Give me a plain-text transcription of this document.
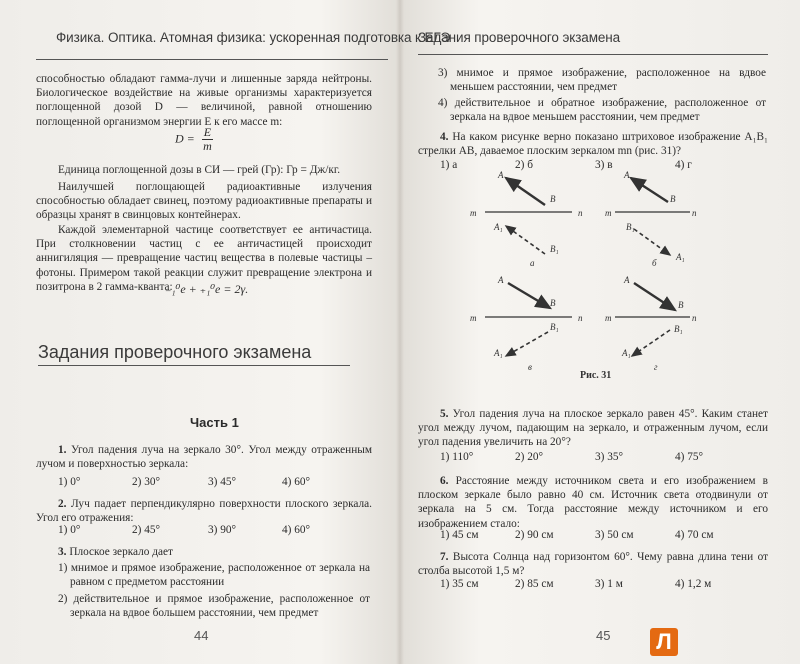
Физика. Оптика. Атомная физика: ускоренная подготовка к ЕГЭ
способностью обладают гамма-лучи и лишенные заряда нейтроны. Биологическое воздействие на живые организмы характеризуется поглощенной дозой D — величиной, равной отношению поглощенной организмом энергии E к его массе m:
$D = \frac{E}{m}$
Единица поглощенной дозы в СИ — грей (Гр): Гр = Дж/кг.
Наилучшей поглощающей радиоактивные излучения способностью обладает свинец, поэтому радиоактивные препараты и образцы хранят в свинцовых контейнерах.
Каждой элементарной частице соответствует ее античастица. При столкновении частиц с ее античастицей происходит аннигиляция — превращение частиц вещества в полевые частицы – фотоны. Примером такой реакции служит превращение электрона и позитрона в 2 гамма-кванта:
₋₁⁰e + ₊₁⁰e = 2γ.
Задания проверочного экзамена
Часть 1
1. Угол падения луча на зеркало 30°. Угол между отраженным лучом и поверхностью зеркала:
1) 0°	2) 30°	3) 45°	4) 60°
2. Луч падает перпендикулярно поверхности плоского зеркала. Угол его отражения:
1) 0°	2) 45°	3) 90°	4) 60°
3. Плоское зеркало дает
1) мнимое и прямое изображение, расположенное от зеркала на равном с предметом расстоянии
2) действительное и прямое изображение, расположенное от зеркала на вдвое большем расстоянии, чем предмет
44
Задания проверочного экзамена
3) мнимое и прямое изображение, расположенное на вдвое меньшем расстоянии, чем предмет
4) действительное и обратное изображение, расположенное от зеркала на вдвое меньшем расстоянии, чем предмет
4. На каком рисунке верно показано штриховое изображение A₁B₁ стрелки AB, даваемое плоским зеркалом mn (рис. 31)?
1) а	2) б	3) в	4) г
45
5. Угол падения луча на плоское зеркало равен 45°. Каким станет угол между лучом, падающим на зеркало, и отраженным лучом, если угол падения увеличить на 20°?
1) 110°	2) 20°	3) 35°	4) 75°
6. Расстояние между источником света и его изображением в плоском зеркале было равно 40 см. Источник света отодвинули от зеркала на 5 см. Тогда расстояние между источником и его изображением стало:
1) 45 см	2) 90 см	3) 50 см	4) 70 см
7. Высота Солнца над горизонтом 60°. Чему равна длина тени от столба высотой 1,5 м?
1) 35 см	2) 85 см	3) 1 м	4) 1,2 м
m	n
A
B
A₁
B₁
а
m	n
A
B
B₁
A₁
б
m	n
A
B
B₁
A₁
в
m	n
A
B
B₁
A₁
г
Рис. 31
Л
